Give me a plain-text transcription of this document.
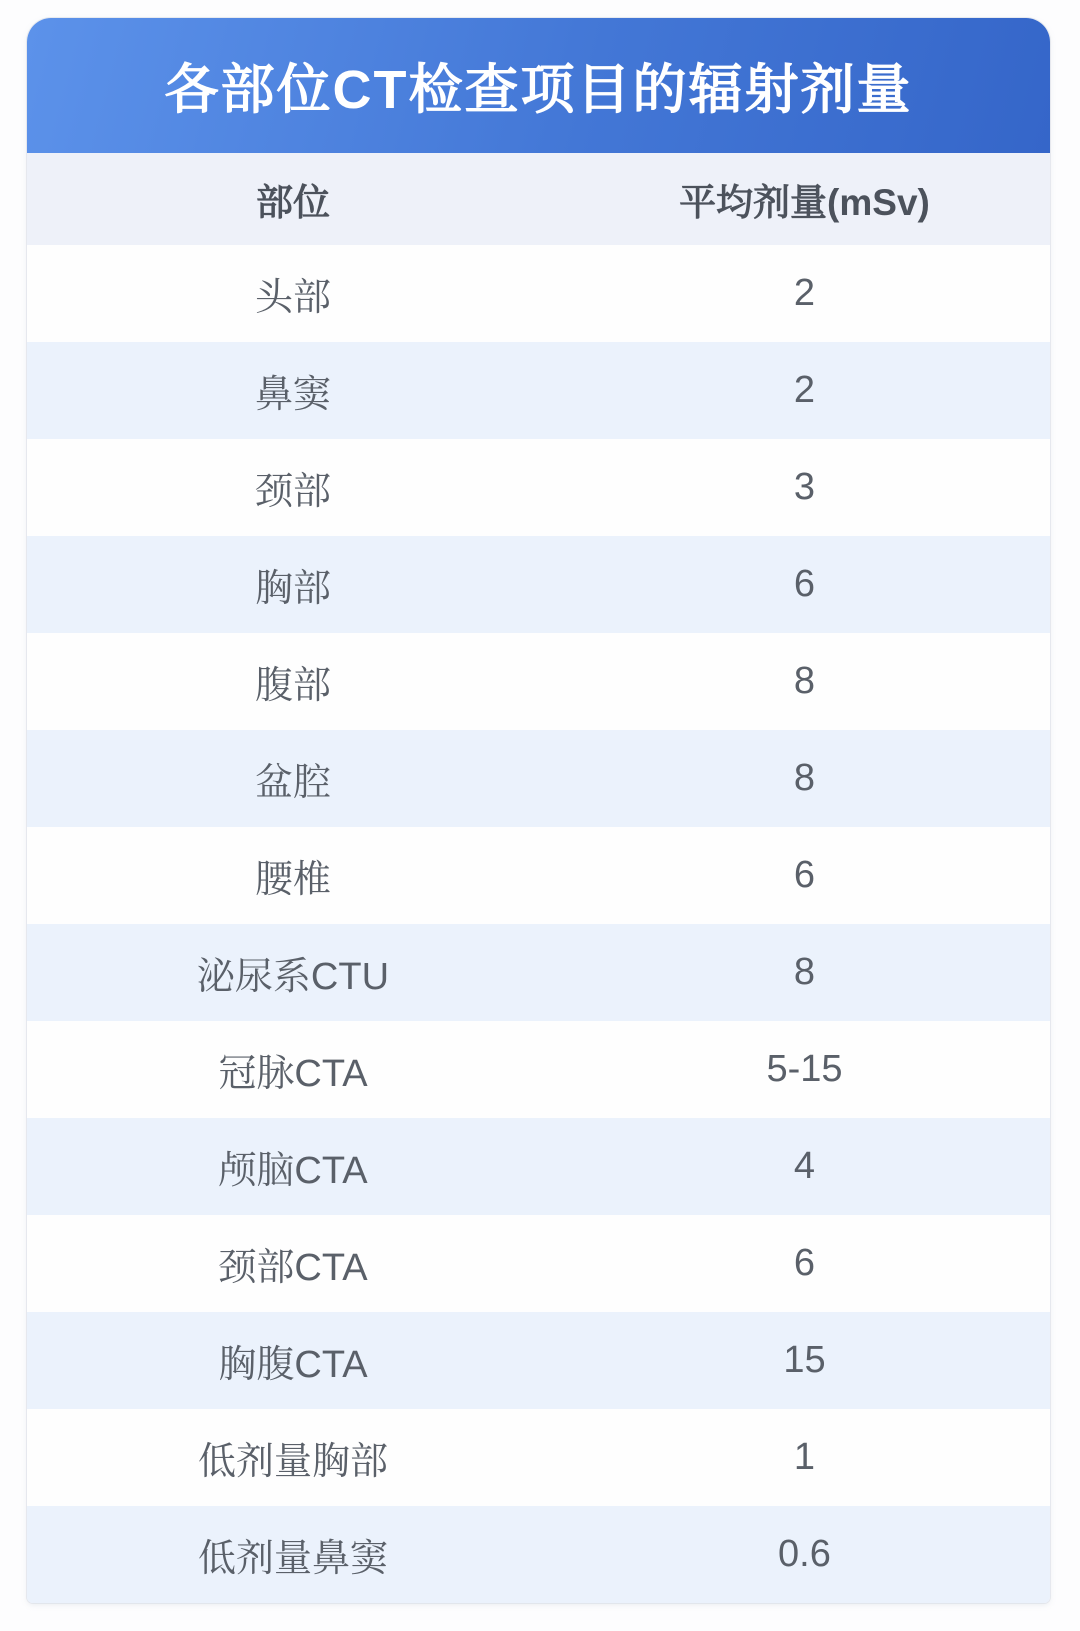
各部位CT检查项目的辐射剂量
部位	平均剂量(mSv)
头部	2
鼻窦	2
颈部	3
胸部	6
腹部	8
盆腔	8
腰椎	6
泌尿系CTU	8
冠脉CTA	5-15
颅脑CTA	4
颈部CTA	6
胸腹CTA	15
低剂量胸部	1
低剂量鼻窦	0.6
